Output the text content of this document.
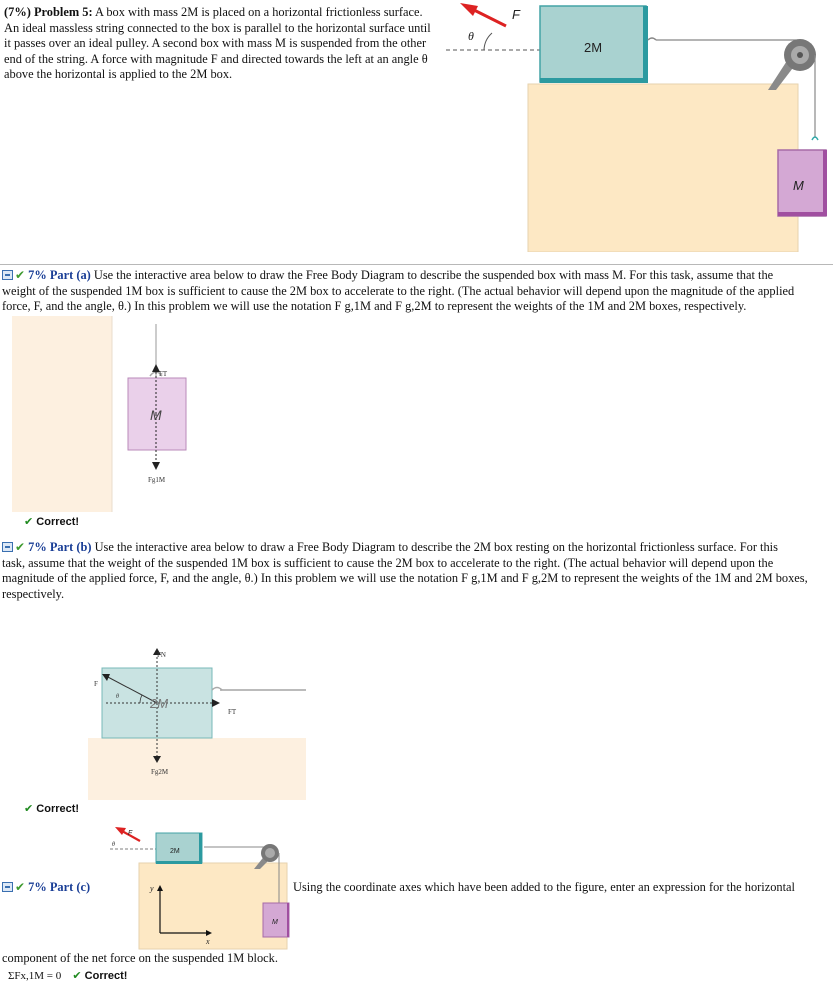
(7%) Problem 5: A box with mass 2M is placed on a horizontal frictionless surface.
An ideal massless string connected to the box is parallel to the horizontal surface until
it passes over an ideal pulley. A second box with mass M is suspended from the other
end of the string. A force with magnitude F and directed towards the left at an angle θ
above the horizontal is applied to the 2M box.
F
θ
2M
M
✔ 7% Part (a) Use the interactive area below to draw the Free Body Diagram to describe the suspended box with mass M. For this task, assume that the
weight of the suspended 1M box is sufficient to cause the 2M box to accelerate to the right. (The actual behavior will depend upon the magnitude of the applied
force, F, and the angle, θ.) In this problem we will use the notation F g,1M and F g,2M to represent the weights of the 1M and 2M boxes, respectively.
FT
Fg1M
M
✔ Correct!
✔ 7% Part (b) Use the interactive area below to draw a Free Body Diagram to describe the 2M box resting on the horizontal frictionless surface. For this
task, assume that the weight of the suspended 1M box is sufficient to cause the 2M box to accelerate to the right. (The actual behavior will depend upon the
magnitude of the applied force, F, and the angle, θ.) In this problem we will use the notation F g,1M and F g,2M to represent the weights of the 1M and 2M boxes,
respectively.
FT
F
θ
FN
Fg2M
2M
✔ Correct!
✔ 7% Part (c)
F
θ
2M
M
y
x
Using the coordinate axes which have been added to the figure, enter an expression for the horizontal
component of the net force on the suspended 1M block.
ΣFx,1M = 0 ✔ Correct!
